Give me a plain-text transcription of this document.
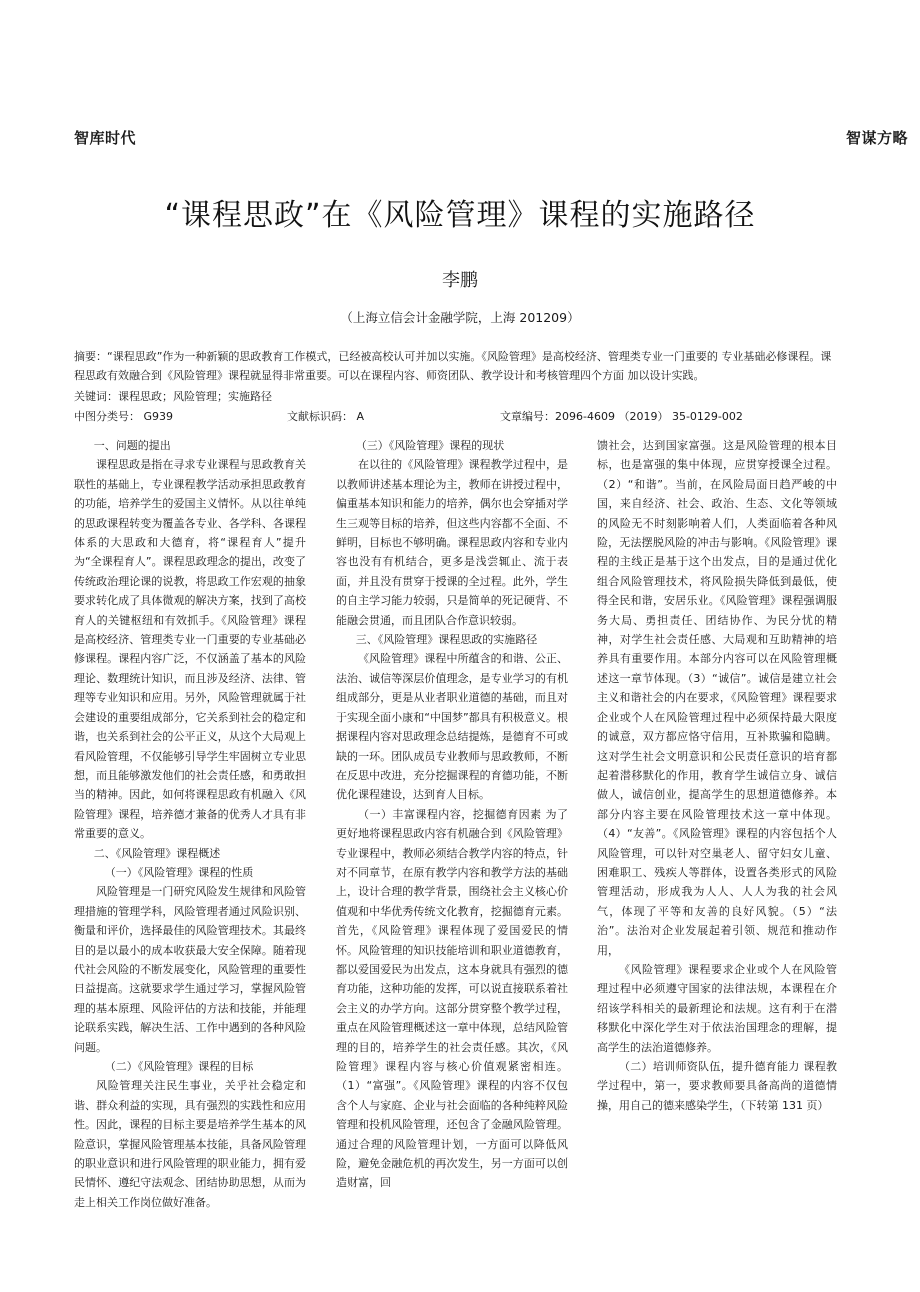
智库时代	智谋方略
“课程思政”在《风险管理》课程的实施路径
李鹏
（上海立信会计金融学院，上海 201209）

摘要：“课程思政”作为一种新颖的思政教育工作模式，已经被高校认可并加以实施。《风险管理》是高校经济、管理类专业一门重要的 专业基础必修课程。课程思政有效融合到《风险管理》课程就显得非常重要。可以在课程内容、师资团队、教学设计和考核管理四个方面 加以设计实践。

关键词：课程思政；风险管理；实施路径

中图分类号： G939	文献标识码： A	文章编号：2096-4609 （2019） 35-0129-002

一、问题的提出

课程思政是指在寻求专业课程与思政教育关联性的基础上，专业课程教学活动承担思政教育的功能，培养学生的爱国主义情怀。从以往单纯的思政课程转变为覆盖各专业、各学科、各课程体系的大思政和大德育，将“课程育人”提升为“全课程育人”。课程思政理念的提出，改变了传统政治理论课的说教，将思政工作宏观的抽象要求转化成了具体微观的解决方案，找到了高校育人的关键枢纽和有效抓手。《风险管理》课程是高校经济、管理类专业一门重要的专业基础必修课程。课程内容广泛，不仅涵盖了基本的风险理论、数理统计知识，而且涉及经济、法律、管理等专业知识和应用。另外，风险管理就属于社会建设的重要组成部分，它关系到社会的稳定和谐，也关系到社会的公平正义，从这个大局观上看风险管理，不仅能够引导学生牢固树立专业思想，而且能够激发他们的社会责任感，和勇敢担当的精神。因此，如何将课程思政有机融入《风险管理》课程，培养德才兼备的优秀人才具有非常重要的意义。

二、《风险管理》课程概述

（一）《风险管理》课程的性质

风险管理是一门研究风险发生规律和风险管理措施的管理学科，风险管理者通过风险识别、衡量和评价，选择最佳的风险管理技术。其最终目的是以最小的成本收获最大安全保障。随着现代社会风险的不断发展变化，风险管理的重要性日益提高。这就要求学生通过学习，掌握风险管理的基本原理、风险评估的方法和技能，并能理论联系实践，解决生活、工作中遇到的各种风险问题。

（二）《风险管理》课程的目标

风险管理关注民生事业，关乎社会稳定和谐、群众利益的实现，具有强烈的实践性和应用性。因此，课程的目标主要是培养学生基本的风险意识，掌握风险管理基本技能，具备风险管理的职业意识和进行风险管理的职业能力，拥有爱民情怀、遵纪守法观念、团结协助思想，从而为走上相关工作岗位做好准备。

（三）《风险管理》课程的现状

在以往的《风险管理》课程教学过程中，是以教师讲述基本理论为主，教师在讲授过程中，偏重基本知识和能力的培养，偶尔也会穿插对学生三观等目标的培养，但这些内容都不全面、不鲜明，目标也不够明确。课程思政内容和专业内容也没有有机结合，更多是浅尝辄止、流于表面，并且没有贯穿于授课的全过程。此外，学生的自主学习能力较弱，只是简单的死记硬背、不能融会贯通，而且团队合作意识较弱。

三、《风险管理》课程思政的实施路径

《风险管理》课程中所蕴含的和谐、公正、法治、诚信等深层价值理念，是专业学习的有机组成部分，更是从业者职业道德的基础，而且对于实现全面小康和“中国梦”都具有积极意义。根据课程内容对思政理念总结提炼，是德育不可或缺的一环。团队成员专业教师与思政教师，不断在反思中改进，充分挖掘课程的育德功能，不断优化课程建设，达到育人目标。

（一）丰富课程内容，挖掘德育因素 为了更好地将课程思政内容有机融合到《风险管理》专业课程中，教师必须结合教学内容的特点，针对不同章节，在原有教学内容和教学方法的基础上，设计合理的教学背景，围绕社会主义核心价值观和中华优秀传统文化教育，挖掘德育元素。首先，《风险管理》课程体现了爱国爱民的情怀。风险管理的知识技能培训和职业道德教育，都以爱国爱民为出发点，这本身就具有强烈的德育功能，这种功能的发挥，可以说直接联系着社会主义的办学方向。这部分贯穿整个教学过程，重点在风险管理概述这一章中体现，总结风险管理的目的，培养学生的社会责任感。其次，《风险管理》课程内容与核心价值观紧密相连。（1）“富强”。《风险管理》课程的内容不仅包含个人与家庭、企业与社会面临的各种纯粹风险管理和投机风险管理，还包含了金融风险管理。通过合理的风险管理计划，一方面可以降低风险，避免金融危机的再次发生，另一方面可以创造财富，回

馈社会，达到国家富强。这是风险管理的根本目标，也是富强的集中体现，应贯穿授课全过程。（2）“和谐”。当前，在风险局面日趋严峻的中国，来自经济、社会、政治、生态、文化等领域的风险无不时刻影响着人们，人类面临着各种风险，无法摆脱风险的冲击与影响。《风险管理》课程的主线正是基于这个出发点，目的是通过优化组合风险管理技术，将风险损失降低到最低，使得全民和谐，安居乐业。《风险管理》课程强调服务大局、勇担责任、团结协作、为民分忧的精神，对学生社会责任感、大局观和互助精神的培养具有重要作用。本部分内容可以在风险管理概述这一章节体现。（3）“诚信”。诚信是建立社会主义和谐社会的内在要求，《风险管理》课程要求企业或个人在风险管理过程中必须保持最大限度的诚意，双方都应恪守信用，互补欺骗和隐瞒。这对学生社会文明意识和公民责任意识的培育都起着潜移默化的作用，教育学生诚信立身、诚信做人，诚信创业，提高学生的思想道德修养。本部分内容主要在风险管理技术这一章中体现。（4）“友善”。《风险管理》课程的内容包括个人风险管理，可以针对空巢老人、留守妇女儿童、困难职工、残疾人等群体，设置各类形式的风险管理活动，形成我为人人、人人为我的社会风气，体现了平等和友善的良好风貌。（5）“法治”。法治对企业发展起着引领、规范和推动作用，

《风险管理》课程要求企业或个人在风险管理过程中必须遵守国家的法律法规，本课程在介绍该学科相关的最新理论和法规。这有利于在潜移默化中深化学生对于依法治国理念的理解，提高学生的法治道德修养。

（二）培训师资队伍，提升德育能力 课程教学过程中，第一，要求教师要具备高尚的道德情操，用自己的德来感染学生，（下转第 131 页）
